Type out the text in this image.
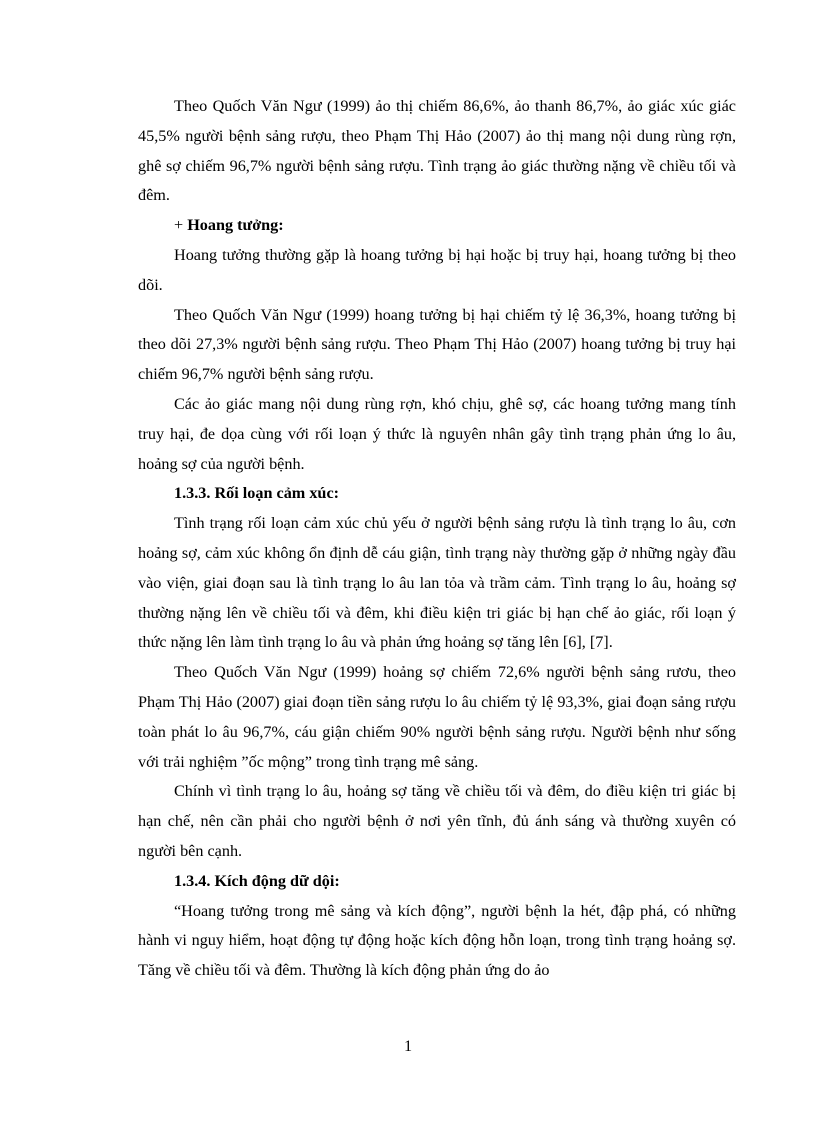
Theo Quốch Văn Ngư (1999) ảo thị chiếm 86,6%, ảo thanh 86,7%, ảo giác xúc giác 45,5% người bệnh sảng rượu, theo Phạm Thị Hảo (2007) ảo thị mang nội dung rùng rợn, ghê sợ chiếm 96,7% người bệnh sảng rượu. Tình trạng ảo giác thường nặng về chiều tối và đêm.

+ Hoang tưởng:

Hoang tưởng thường gặp là hoang tưởng bị hại hoặc bị truy hại, hoang tưởng bị theo dõi.

Theo Quốch Văn Ngư (1999) hoang tưởng bị hại chiếm tỷ lệ 36,3%, hoang tưởng bị theo dõi 27,3% người bệnh sảng rượu. Theo Phạm Thị Hảo (2007) hoang tưởng bị truy hại chiếm 96,7% người bệnh sảng rượu.

Các ảo giác mang nội dung rùng rợn, khó chịu, ghê sợ, các hoang tưởng mang tính truy hại, đe dọa cùng với rối loạn ý thức là nguyên nhân gây tình trạng phản ứng lo âu, hoảng sợ của người bệnh.

1.3.3. Rối loạn cảm xúc:

Tình trạng rối loạn cảm xúc chủ yếu ở người bệnh sảng rượu là tình trạng lo âu, cơn hoảng sợ, cảm xúc không ổn định dễ cáu giận, tình trạng này thường gặp ở những ngày đầu vào viện, giai đoạn sau là tình trạng lo âu lan tỏa và trầm cảm. Tình trạng lo âu, hoảng sợ thường nặng lên về chiều tối và đêm, khi điều kiện tri giác bị hạn chế ảo giác, rối loạn ý thức nặng lên làm tình trạng lo âu và phản ứng hoảng sợ tăng lên [6], [7].

Theo Quốch Văn Ngư (1999) hoảng sợ chiếm 72,6% người bệnh sảng rươu, theo Phạm Thị Hảo (2007) giai đoạn tiền sảng rượu lo âu chiếm tỷ lệ 93,3%, giai đoạn sảng rượu toàn phát lo âu 96,7%, cáu giận chiếm 90% người bệnh sảng rượu. Người bệnh như sống với trải nghiệm ”ốc mộng” trong tình trạng mê sảng.

Chính vì tình trạng lo âu, hoảng sợ tăng về chiều tối và đêm, do điều kiện tri giác bị hạn chế, nên cần phải cho người bệnh ở nơi yên tĩnh, đủ ánh sáng và thường xuyên có người bên cạnh.

1.3.4. Kích động dữ dội:

“Hoang tưởng trong mê sảng và kích động”, người bệnh la hét, đập phá, có những hành vi nguy hiểm, hoạt động tự động hoặc kích động hỗn loạn, trong tình trạng hoảng sợ. Tăng về chiều tối và đêm. Thường là kích động phản ứng do ảo

1
